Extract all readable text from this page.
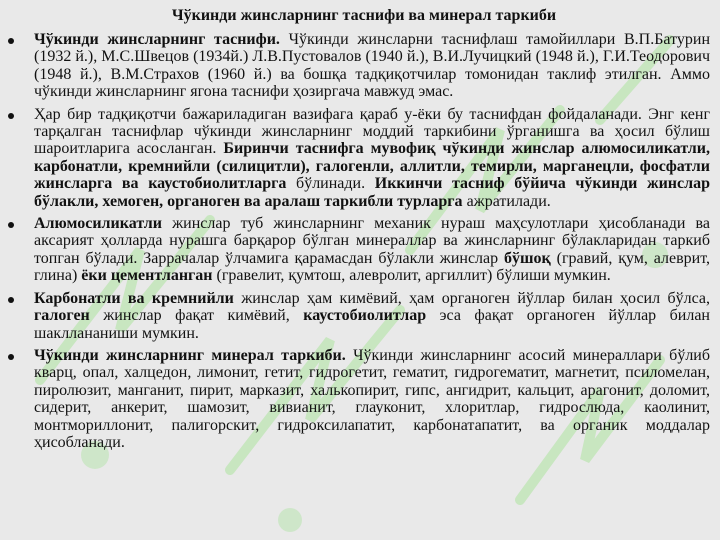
Чўкинди жинсларнинг таснифи ва минерал таркиби
Чўкинди жинсларнинг таснифи. Чўкинди жинсларни таснифлаш тамойиллари В.П.Батурин (1932 й.), М.С.Швецов (1934й.) Л.В.Пустовалов (1940 й.), В.И.Лучицкий (1948 й.), Г.И.Теодорович (1948 й.), В.М.Страхов (1960 й.) ва бошқа тадқиқотчилар томонидан таклиф этилган. Аммо чўкинди жинсларнинг ягона таснифи ҳозиргача мавжуд эмас.
Ҳар бир тадқиқотчи бажариладиган вазифага қараб у-ёки бу таснифдан фойдаланади. Энг кенг тарқалган таснифлар чўкинди жинсларнинг моддий таркибини ўрганишга ва ҳосил бўлиш шароитларига асосланган. Биринчи таснифга мувофиқ чўкинди жинслар алюмосиликатли, карбонатли, кремнийли (силицитли), галогенли, аллитли, темирли, марганецли, фосфатли жинсларга ва каустобиолитларга бўлинади. Иккинчи тасниф бўйича чўкинди жинслар бўлакли, хемоген, органоген ва аралаш таркибли турларга ажратилади.
Алюмосиликатли жинслар туб жинсларнинг механик нураш маҳсулотлари ҳисобланади ва аксарият ҳолларда нурашга барқарор бўлган минераллар ва жинсларнинг бўлакларидан таркиб топган бўлади. Заррачалар ўлчамига қарамасдан бўлакли жинслар бўшоқ (гравий, қум, алеврит, глина) ёки цементланган (гравелит, қумтош, алевролит, аргиллит) бўлиши мумкин.
Карбонатли ва кремнийли жинслар ҳам кимёвий, ҳам органоген йўллар билан ҳосил бўлса, галоген жинслар фақат кимёвий, каустобиолитлар эса фақат органоген йўллар билан шакллананиши мумкин.
Чўкинди жинсларнинг минерал таркиби. Чўкинди жинсларнинг асосий минераллари бўлиб кварц, опал, халцедон, лимонит, гетит, гидрогетит, гематит, гидрогематит, магнетит, псиломелан, пиролюзит, манганит, пирит, марказит, халькопирит, гипс, ангидрит, кальцит, арагонит, доломит, сидерит, анкерит, шамозит, вивианит, глауконит, хлоритлар, гидрослюда, каолинит, монтмориллонит, палигорскит, гидроксилапатит, карбонатапатит, ва органик моддалар ҳисобланади.
